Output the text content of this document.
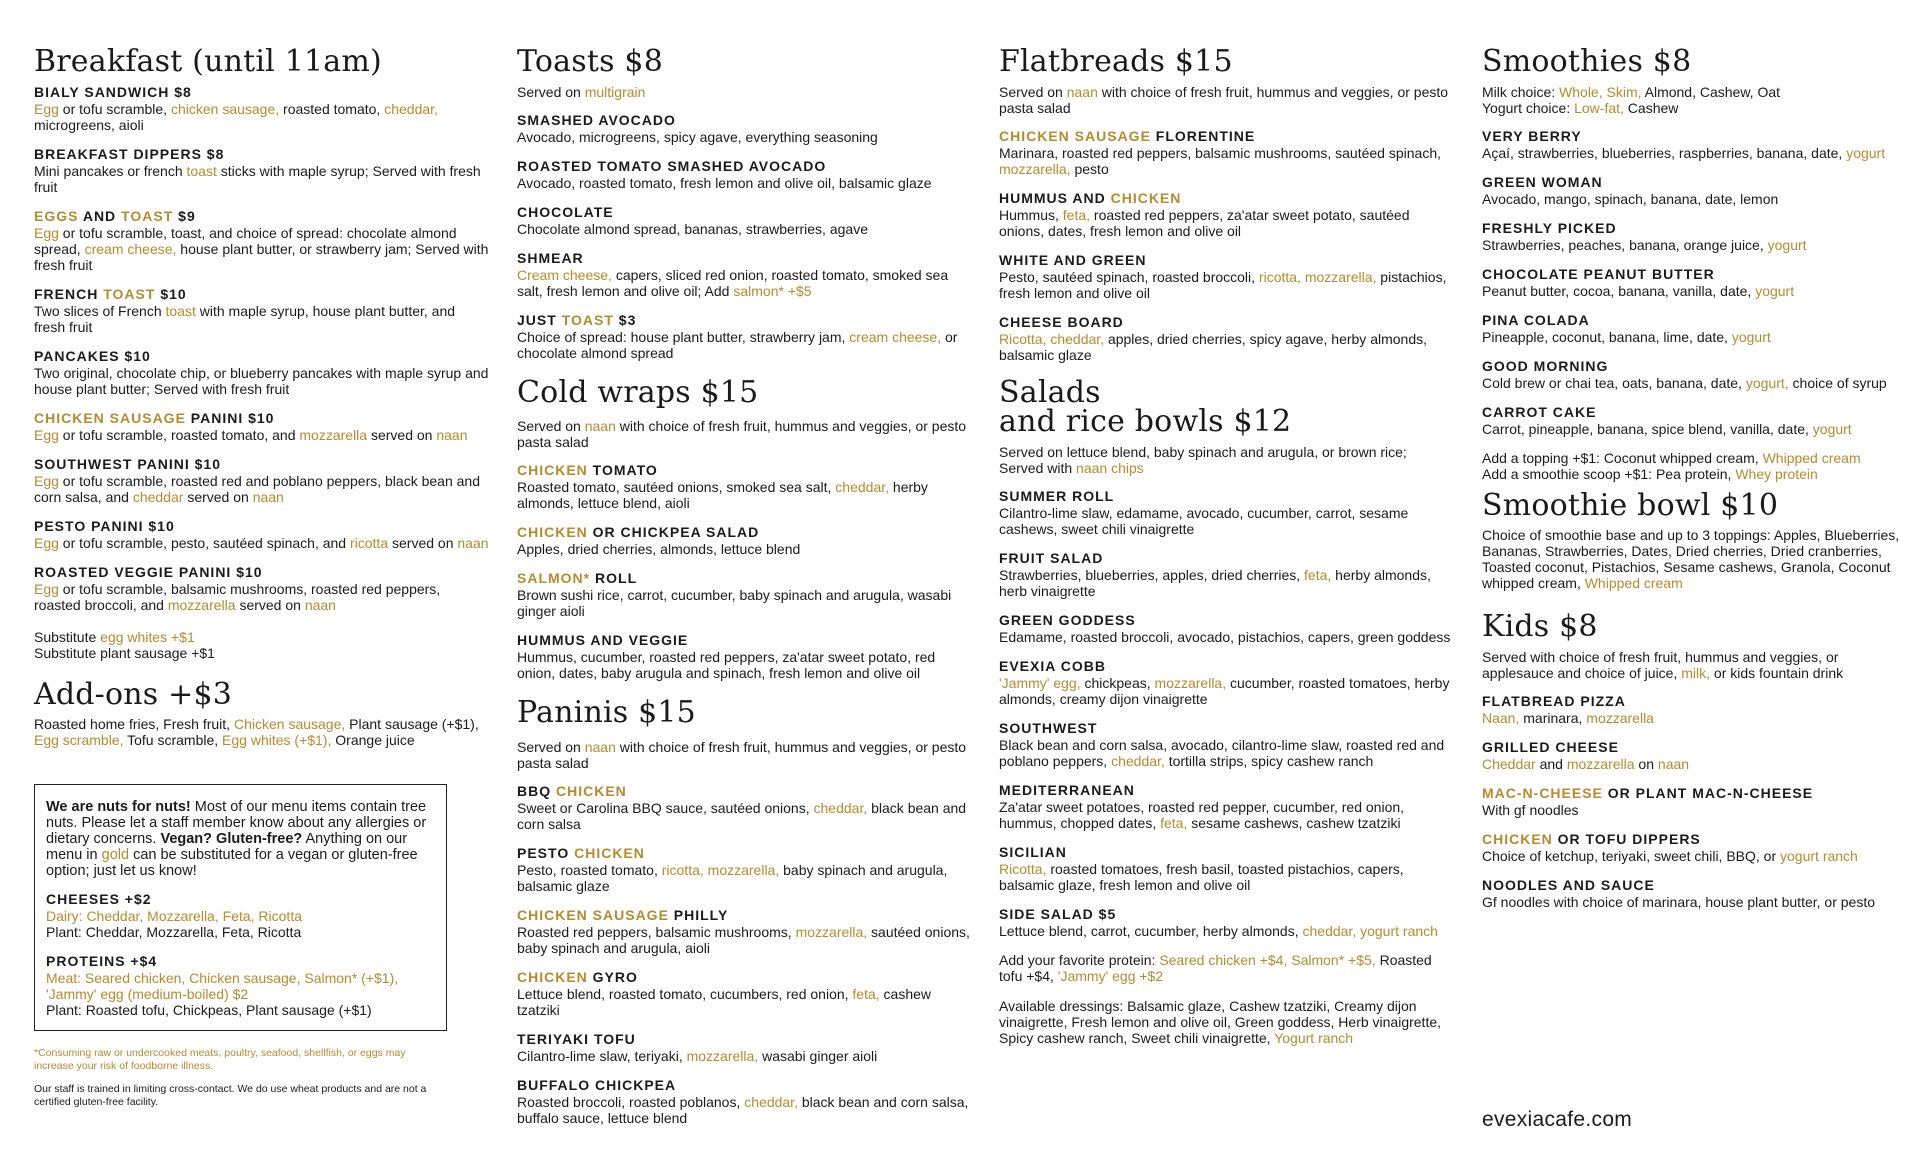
Breakfast (until 11am)
BIALY SANDWICH $8
Egg or tofu scramble, chicken sausage, roasted tomato, cheddar, microgreens, aioli
BREAKFAST DIPPERS $8
Mini pancakes or french toast sticks with maple syrup; Served with fresh fruit
EGGS AND TOAST $9
Egg or tofu scramble, toast, and choice of spread: chocolate almond spread, cream cheese, house plant butter, or strawberry jam; Served with fresh fruit
FRENCH TOAST $10
Two slices of French toast with maple syrup, house plant butter, and fresh fruit
PANCAKES $10
Two original, chocolate chip, or blueberry pancakes with maple syrup and house plant butter; Served with fresh fruit
CHICKEN SAUSAGE PANINI $10
Egg or tofu scramble, roasted tomato, and mozzarella served on naan
SOUTHWEST PANINI $10
Egg or tofu scramble, roasted red and poblano peppers, black bean and corn salsa, and cheddar served on naan
PESTO PANINI $10
Egg or tofu scramble, pesto, sautéed spinach, and ricotta served on naan
ROASTED VEGGIE PANINI $10
Egg or tofu scramble, balsamic mushrooms, roasted red peppers, roasted broccoli, and mozzarella served on naan
Substitute egg whites +$1
Substitute plant sausage +$1
Add-ons +$3
Roasted home fries, Fresh fruit, Chicken sausage, Plant sausage (+$1), Egg scramble, Tofu scramble, Egg whites (+$1), Orange juice
We are nuts for nuts! Most of our menu items contain tree nuts. Please let a staff member know about any allergies or dietary concerns. Vegan? Gluten-free? Anything on our menu in gold can be substituted for a vegan or gluten-free option; just let us know!
CHEESES +$2
Dairy: Cheddar, Mozzarella, Feta, Ricotta
Plant: Cheddar, Mozzarella, Feta, Ricotta
PROTEINS +$4
Meat: Seared chicken, Chicken sausage, Salmon* (+$1), 'Jammy' egg (medium-boiled) $2
Plant: Roasted tofu, Chickpeas, Plant sausage (+$1)
*Consuming raw or undercooked meats, poultry, seafood, shellfish, or eggs may increase your risk of foodborne illness.
Our staff is trained in limiting cross-contact. We do use wheat products and are not a certified gluten-free facility.
Toasts $8
Served on multigrain
SMASHED AVOCADO
Avocado, microgreens, spicy agave, everything seasoning
ROASTED TOMATO SMASHED AVOCADO
Avocado, roasted tomato, fresh lemon and olive oil, balsamic glaze
CHOCOLATE
Chocolate almond spread, bananas, strawberries, agave
SHMEAR
Cream cheese, capers, sliced red onion, roasted tomato, smoked sea salt, fresh lemon and olive oil; Add salmon* +$5
JUST TOAST $3
Choice of spread: house plant butter, strawberry jam, cream cheese, or chocolate almond spread
Cold wraps $15
Served on naan with choice of fresh fruit, hummus and veggies, or pesto pasta salad
CHICKEN TOMATO
Roasted tomato, sautéed onions, smoked sea salt, cheddar, herby almonds, lettuce blend, aioli
CHICKEN OR CHICKPEA SALAD
Apples, dried cherries, almonds, lettuce blend
SALMON* ROLL
Brown sushi rice, carrot, cucumber, baby spinach and arugula, wasabi ginger aioli
HUMMUS AND VEGGIE
Hummus, cucumber, roasted red peppers, za'atar sweet potato, red onion, dates, baby arugula and spinach, fresh lemon and olive oil
Paninis $15
Served on naan with choice of fresh fruit, hummus and veggies, or pesto pasta salad
BBQ CHICKEN
Sweet or Carolina BBQ sauce, sautéed onions, cheddar, black bean and corn salsa
PESTO CHICKEN
Pesto, roasted tomato, ricotta, mozzarella, baby spinach and arugula, balsamic glaze
CHICKEN SAUSAGE PHILLY
Roasted red peppers, balsamic mushrooms, mozzarella, sautéed onions, baby spinach and arugula, aioli
CHICKEN GYRO
Lettuce blend, roasted tomato, cucumbers, red onion, feta, cashew tzatziki
TERIYAKI TOFU
Cilantro-lime slaw, teriyaki, mozzarella, wasabi ginger aioli
BUFFALO CHICKPEA
Roasted broccoli, roasted poblanos, cheddar, black bean and corn salsa, buffalo sauce, lettuce blend
Flatbreads $15
Served on naan with choice of fresh fruit, hummus and veggies, or pesto pasta salad
CHICKEN SAUSAGE FLORENTINE
Marinara, roasted red peppers, balsamic mushrooms, sautéed spinach, mozzarella, pesto
HUMMUS AND CHICKEN
Hummus, feta, roasted red peppers, za'atar sweet potato, sautéed onions, dates, fresh lemon and olive oil
WHITE AND GREEN
Pesto, sautéed spinach, roasted broccoli, ricotta, mozzarella, pistachios, fresh lemon and olive oil
CHEESE BOARD
Ricotta, cheddar, apples, dried cherries, spicy agave, herby almonds, balsamic glaze
Salads
and rice bowls $12
Served on lettuce blend, baby spinach and arugula, or brown rice; Served with naan chips
SUMMER ROLL
Cilantro-lime slaw, edamame, avocado, cucumber, carrot, sesame cashews, sweet chili vinaigrette
FRUIT SALAD
Strawberries, blueberries, apples, dried cherries, feta, herby almonds, herb vinaigrette
GREEN GODDESS
Edamame, roasted broccoli, avocado, pistachios, capers, green goddess
EVEXIA COBB
'Jammy' egg, chickpeas, mozzarella, cucumber, roasted tomatoes, herby almonds, creamy dijon vinaigrette
SOUTHWEST
Black bean and corn salsa, avocado, cilantro-lime slaw, roasted red and poblano peppers, cheddar, tortilla strips, spicy cashew ranch
MEDITERRANEAN
Za'atar sweet potatoes, roasted red pepper, cucumber, red onion, hummus, chopped dates, feta, sesame cashews, cashew tzatziki
SICILIAN
Ricotta, roasted tomatoes, fresh basil, toasted pistachios, capers, balsamic glaze, fresh lemon and olive oil
SIDE SALAD $5
Lettuce blend, carrot, cucumber, herby almonds, cheddar, yogurt ranch
Add your favorite protein: Seared chicken +$4, Salmon* +$5, Roasted tofu +$4, 'Jammy' egg +$2
Available dressings: Balsamic glaze, Cashew tzatziki, Creamy dijon vinaigrette, Fresh lemon and olive oil, Green goddess, Herb vinaigrette, Spicy cashew ranch, Sweet chili vinaigrette, Yogurt ranch
Smoothies $8
Milk choice: Whole, Skim, Almond, Cashew, Oat
Yogurt choice: Low-fat, Cashew
VERY BERRY
Açaí, strawberries, blueberries, raspberries, banana, date, yogurt
GREEN WOMAN
Avocado, mango, spinach, banana, date, lemon
FRESHLY PICKED
Strawberries, peaches, banana, orange juice, yogurt
CHOCOLATE PEANUT BUTTER
Peanut butter, cocoa, banana, vanilla, date, yogurt
PINA COLADA
Pineapple, coconut, banana, lime, date, yogurt
GOOD MORNING
Cold brew or chai tea, oats, banana, date, yogurt, choice of syrup
CARROT CAKE
Carrot, pineapple, banana, spice blend, vanilla, date, yogurt
Add a topping +$1: Coconut whipped cream, Whipped cream
Add a smoothie scoop +$1: Pea protein, Whey protein
Smoothie bowl $10
Choice of smoothie base and up to 3 toppings: Apples, Blueberries, Bananas, Strawberries, Dates, Dried cherries, Dried cranberries, Toasted coconut, Pistachios, Sesame cashews, Granola, Coconut whipped cream, Whipped cream
Kids $8
Served with choice of fresh fruit, hummus and veggies, or applesauce and choice of juice, milk, or kids fountain drink
FLATBREAD PIZZA
Naan, marinara, mozzarella
GRILLED CHEESE
Cheddar and mozzarella on naan
MAC-N-CHEESE OR PLANT MAC-N-CHEESE
With gf noodles
CHICKEN OR TOFU DIPPERS
Choice of ketchup, teriyaki, sweet chili, BBQ, or yogurt ranch
NOODLES AND SAUCE
Gf noodles with choice of marinara, house plant butter, or pesto
evexiacafe.com
